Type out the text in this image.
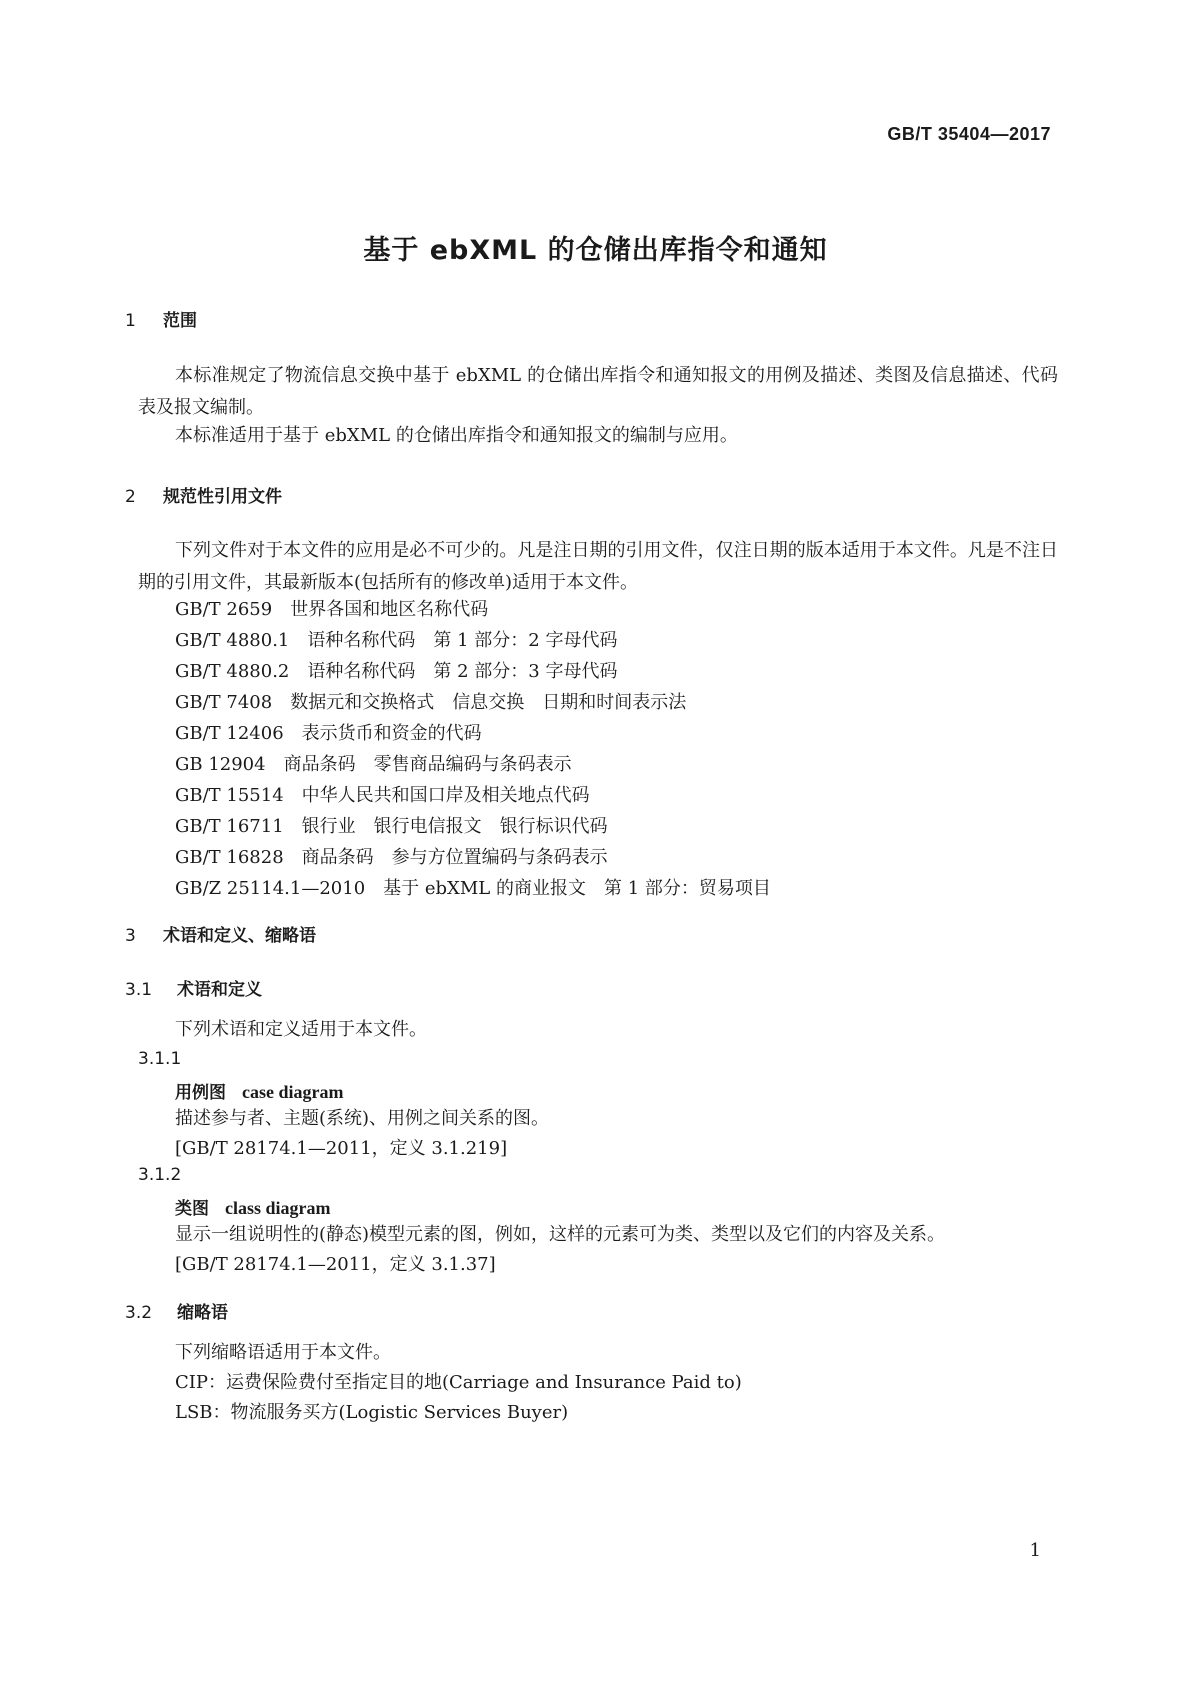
GB/T 35404—2017
基于 ebXML 的仓储出库指令和通知
1 范围
本标准规定了物流信息交换中基于 ebXML 的仓储出库指令和通知报文的用例及描述、类图及信息描述、代码表及报文编制。
本标准适用于基于 ebXML 的仓储出库指令和通知报文的编制与应用。
2 规范性引用文件
下列文件对于本文件的应用是必不可少的。凡是注日期的引用文件，仅注日期的版本适用于本文件。凡是不注日期的引用文件，其最新版本(包括所有的修改单)适用于本文件。
GB/T 2659　 世界各国和地区名称代码
GB/T 4880.1　 语种名称代码　第 1 部分：2 字母代码
GB/T 4880.2　 语种名称代码　第 2 部分：3 字母代码
GB/T 7408　 数据元和交换格式　信息交换　日期和时间表示法
GB/T 12406　 表示货币和资金的代码
GB 12904　 商品条码　零售商品编码与条码表示
GB/T 15514　 中华人民共和国口岸及相关地点代码
GB/T 16711　 银行业　银行电信报文　银行标识代码
GB/T 16828　 商品条码　参与方位置编码与条码表示
GB/Z 25114.1—2010　 基于 ebXML 的商业报文　第 1 部分：贸易项目
3 术语和定义、缩略语
3.1 术语和定义
下列术语和定义适用于本文件。
3.1.1
用例图 case diagram
描述参与者、主题(系统)、用例之间关系的图。
[GB/T 28174.1—2011，定义 3.1.219]
3.1.2
类图 class diagram
显示一组说明性的(静态)模型元素的图，例如，这样的元素可为类、类型以及它们的内容及关系。
[GB/T 28174.1—2011，定义 3.1.37]
3.2 缩略语
下列缩略语适用于本文件。
CIP：运费保险费付至指定目的地(Carriage and Insurance Paid to)
LSB：物流服务买方(Logistic Services Buyer)
1
